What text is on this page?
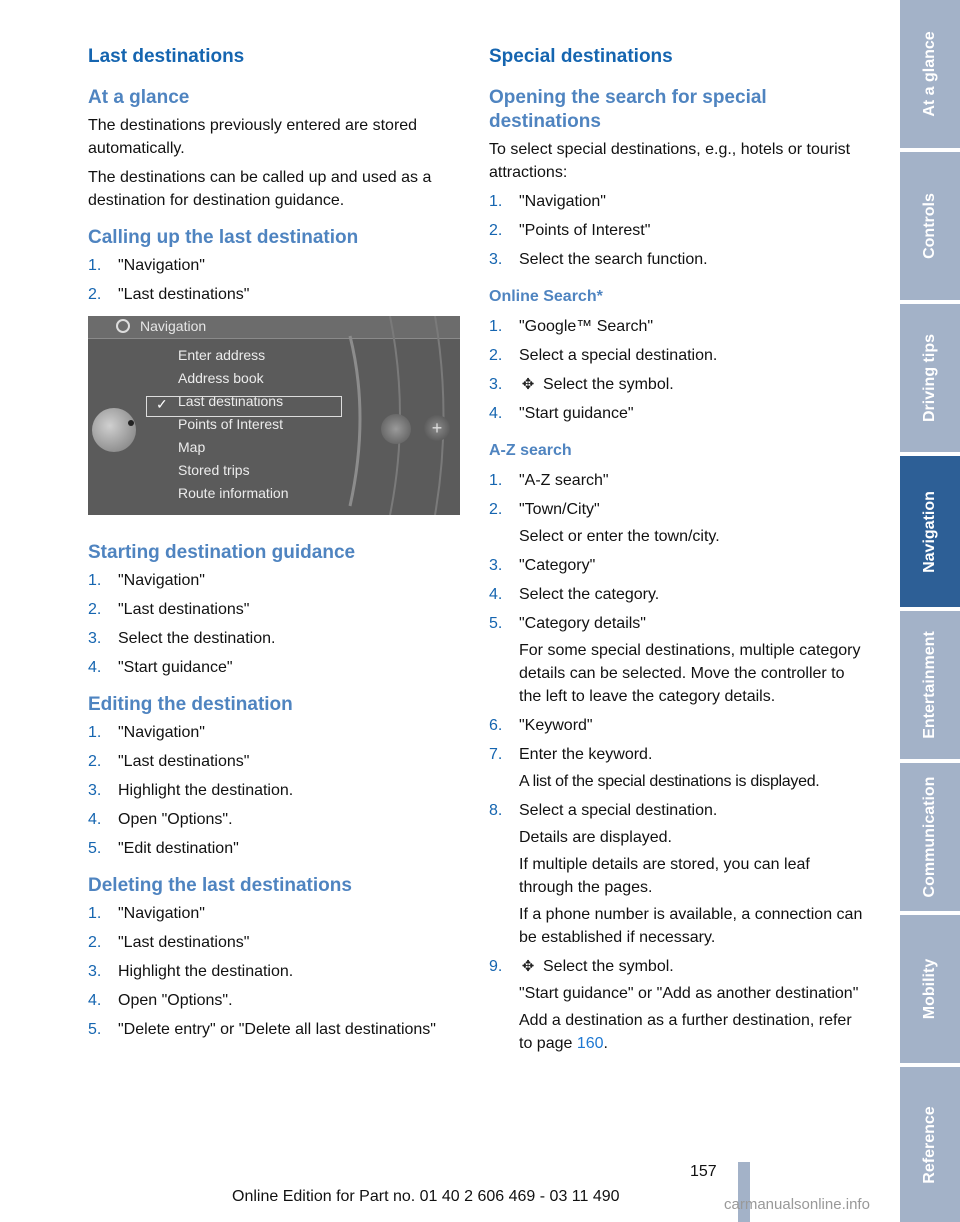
Last destinations
At a glance

The destinations previously entered are stored automatically.

The destinations can be called up and used as a destination for destination guidance.

Calling up the last destination
1. "Navigation"
2. "Last destinations"
Navigation
Enter address
Address book
Last destinations
Points of Interest
Map
Stored trips
Route information
✓
+
Starting destination guidance
1. "Navigation"
2. "Last destinations"
3. Select the destination.
4. "Start guidance"
Editing the destination
1. "Navigation"
2. "Last destinations"
3. Highlight the destination.
4. Open "Options".
5. "Edit destination"
Deleting the last destinations
1. "Navigation"
2. "Last destinations"
3. Highlight the destination.
4. Open "Options".
5. "Delete entry" or "Delete all last destinations"
Special destinations
Opening the search for special destinations

To select special destinations, e.g., hotels or tourist attractions:

1. "Navigation"
2. "Points of Interest"
3. Select the search function.
Online Search*
1. "Google™ Search"
2. Select a special destination.
3. ✥ Select the symbol.
4. "Start guidance"
A-Z search
1. "A-Z search"
2. "Town/City"
Select or enter the town/city.
3. "Category"
4. Select the category.
5. "Category details"
For some special destinations, multiple category details can be selected. Move the controller to the left to leave the category details.
6. "Keyword"
7. Enter the keyword.
A list of the special destinations is displayed.
8. Select a special destination.
Details are displayed.
If multiple details are stored, you can leaf through the pages.
If a phone number is available, a connection can be established if necessary.
9. ✥ Select the symbol.
"Start guidance" or "Add as another destination"
Add a destination as a further destination, refer to page 160.
At a glance
Controls
Driving tips
Navigation
Entertainment
Communication
Mobility
Reference
157
Online Edition for Part no. 01 40 2 606 469 - 03 11 490	carmanualsonline.info
